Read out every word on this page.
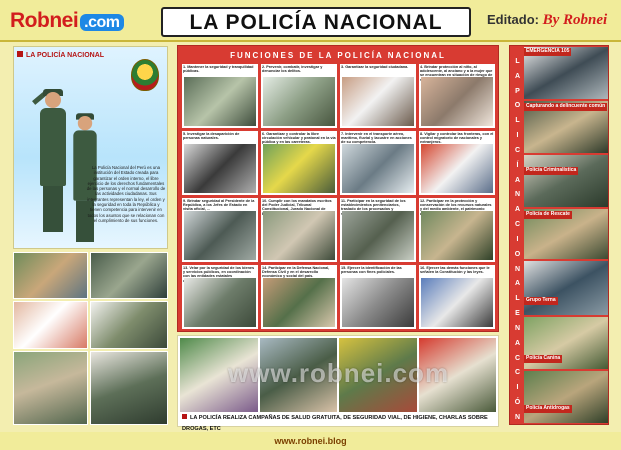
Robnei .com	LA POLICÍA NACIONAL	Editado: By Robnei
LA POLICÍA NACIONAL
La Policía Nacional del Perú es una institución del Estado creada para garantizar el orden interno, el libre ejercicio de los derechos fundamentales de las personas y el normal desarrollo de las actividades ciudadanas. Sus integrantes representan la ley, el orden y la seguridad en toda la República y tienen competencia para intervenir en todos los asuntos que se relacionan con el cumplimiento de sus funciones.
FUNCIONES DE LA POLICÍA NACIONAL
1. Mantener la seguridad y tranquilidad públicas.
2. Prevenir, combatir, investigar y denunciar los delitos.
3. Garantizar la seguridad ciudadana.	4. Brindar protección al niño, al adolescente, al anciano y a la mujer que se encuentran en situación de riesgo de
5. Investigar la desaparición de personas naturales.
6. Garantizar y controlar la libre circulación vehicular y peatonal en la vía pública y en las carreteras.
7. Intervenir en el transporte aéreo, marítimo, fluvial y lacustre en acciones de su competencia.
8. Vigilar y controlar las fronteras, con el control migratorio de nacionales y extranjeros.
9. Brindar seguridad al Presidente de la República, a los Jefes de Estado en visita oficial, ...
10. Cumplir con los mandatos escritos del Poder Judicial, Tribunal Constitucional, Jurado Nacional de
11. Participar en la seguridad de los establecimientos penitenciarios, traslado de los procesados y
12. Participar en la protección y conservación de los recursos naturales y del medio ambiente, el patrimonio
13. Velar por la seguridad de los bienes y servicios públicos, en coordinación con las entidades estatales
14. Participar en la Defensa Nacional, Defensa Civil y en el desarrollo económico y social del país.
15. Ejercer la identificación de las personas con fines policiales.
16. Ejercer las demás funciones que le señalen la Constitución y las leyes.
www.robnei.com
LA POLICÍA REALIZA CAMPAÑAS DE SALUD GRATUITA, DE SEGURIDAD VIAL, DE HIGIENE, CHARLAS SOBRE DROGAS, ETC
L
A
P
O
L
I
C
Í
A
N
A
C
I
O
N
A
L
E
N
A
C
C
I
Ó
N
EMERGENCIA 105
Capturando a delincuente común
Policía Criminalística
Policía de Rescate
Grupo Terna
Policía Canina
Policía Antidrogas
www.robnei.blog
